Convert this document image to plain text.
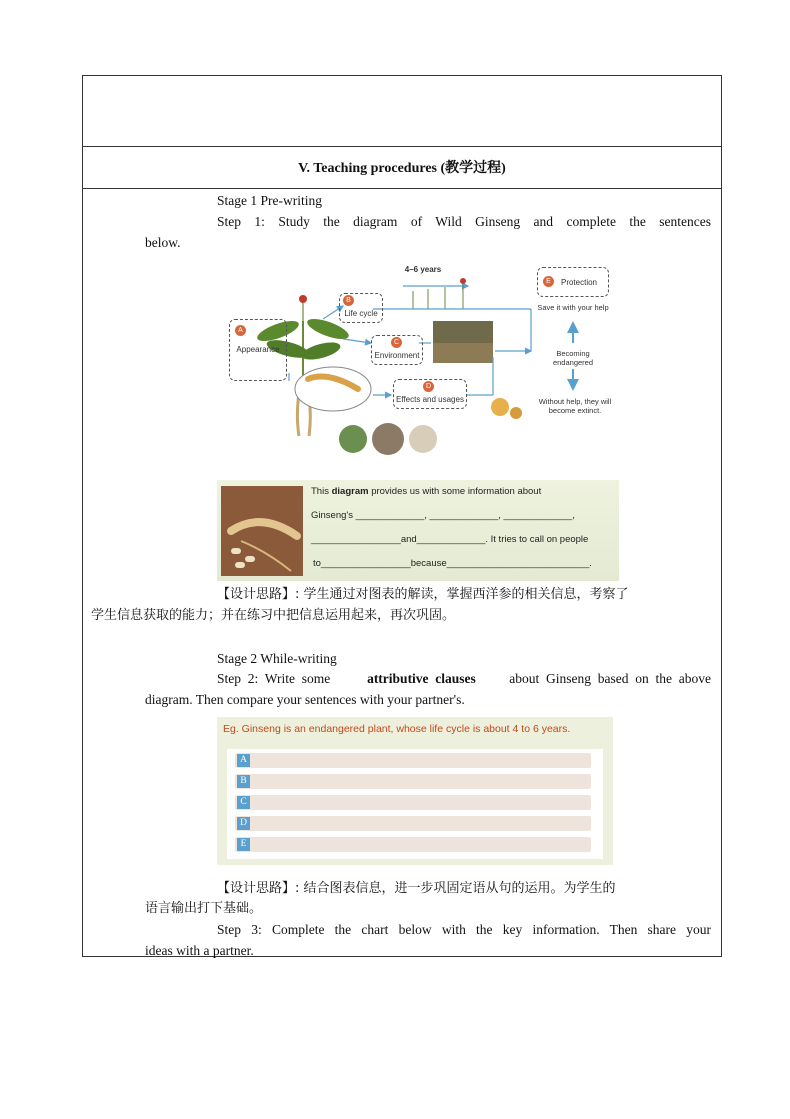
V. Teaching procedures (教学过程)
Stage 1 Pre-writing
Step 1: Study the diagram of Wild Ginseng and complete the sentences
below.
Appearance
A
Life cycle
B
Environment
C
Effects and usages
D
Protection
E
4–6 years
Save it with your help
Becoming endangered
Without help, they will become extinct.
This diagram provides us with some information about
Ginseng's _____________, _____________, _____________,
_________________and_____________. It tries to call on people
to_________________because___________________________.
【设计思路】: 学生通过对图表的解读，掌握西洋参的相关信息，考察了
学生信息获取的能力；并在练习中把信息运用起来，再次巩固。
Stage 2 While-writing
Step  2:  Write  some attributive  clauses about  Ginseng  based  on  the  above
diagram. Then compare your sentences with your partner's.
Eg. Ginseng is an endangered plant, whose life cycle is about 4 to 6 years.
A
B
C
D
E
【设计思路】: 结合图表信息，进一步巩固定语从句的运用。为学生的
语言输出打下基础。
Step 3: Complete the chart below with the key information. Then share your
ideas with a partner.
